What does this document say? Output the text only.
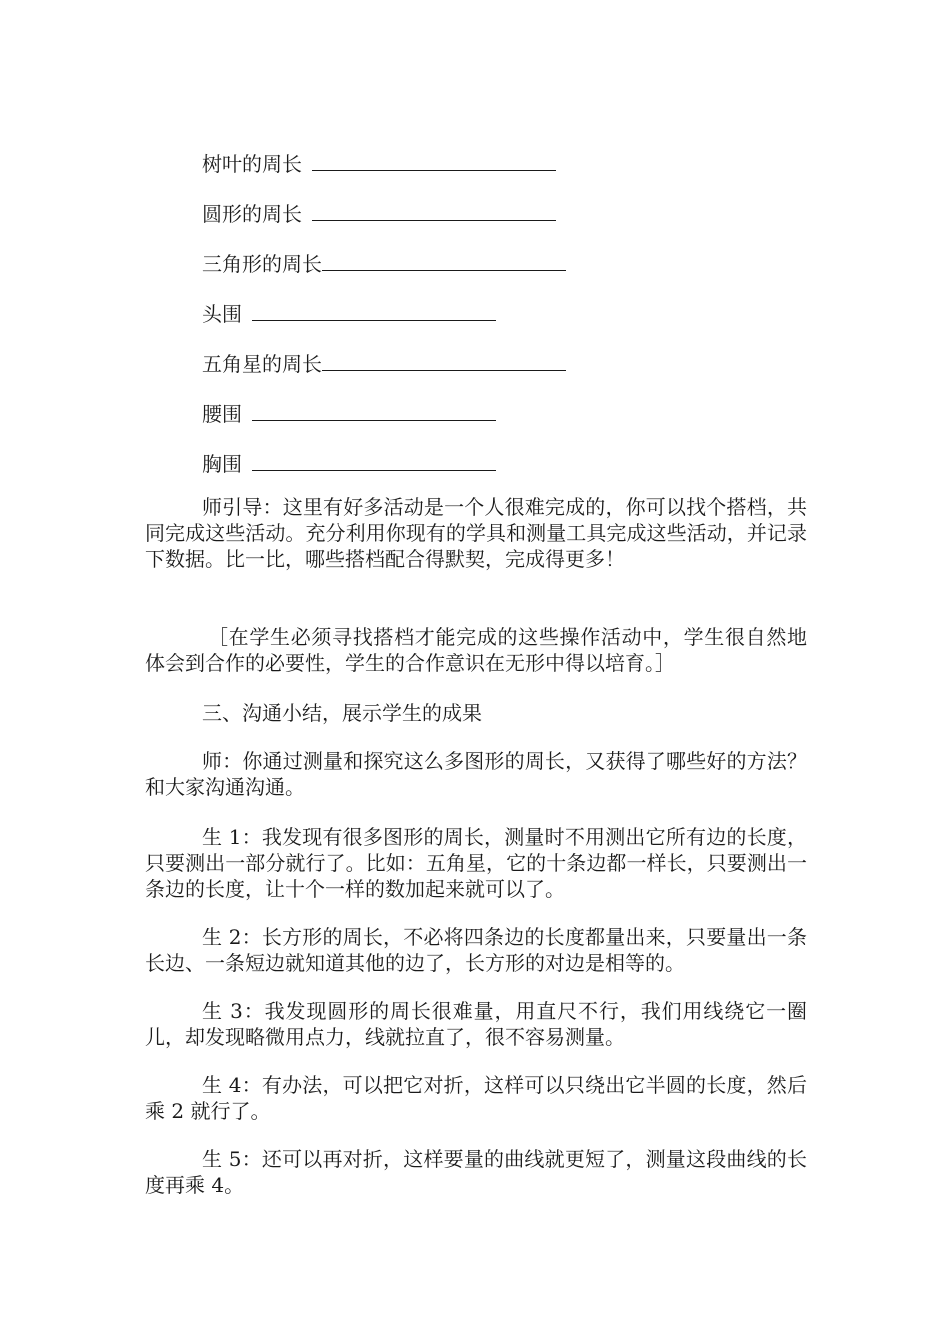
树叶的周长
圆形的周长
三角形的周长
头围
五角星的周长
腰围
胸围

师引导：这里有好多活动是一个人很难完成的，你可以找个搭档，共同完成这些活动。充分利用你现有的学具和测量工具完成这些活动，并记录下数据。比一比，哪些搭档配合得默契，完成得更多！

［在学生必须寻找搭档才能完成的这些操作活动中，学生很自然地体会到合作的必要性，学生的合作意识在无形中得以培育。］

三、沟通小结，展示学生的成果

师：你通过测量和探究这么多图形的周长，又获得了哪些好的方法？和大家沟通沟通。

生 1：我发现有很多图形的周长，测量时不用测出它所有边的长度，只要测出一部分就行了。比如：五角星，它的十条边都一样长，只要测出一条边的长度，让十个一样的数加起来就可以了。

生 2：长方形的周长，不必将四条边的长度都量出来，只要量出一条长边、一条短边就知道其他的边了，长方形的对边是相等的。

生 3：我发现圆形的周长很难量，用直尺不行，我们用线绕它一圈儿，却发现略微用点力，线就拉直了，很不容易测量。

生 4：有办法，可以把它对折，这样可以只绕出它半圆的长度，然后乘 2 就行了。

生 5：还可以再对折，这样要量的曲线就更短了，测量这段曲线的长度再乘 4。
